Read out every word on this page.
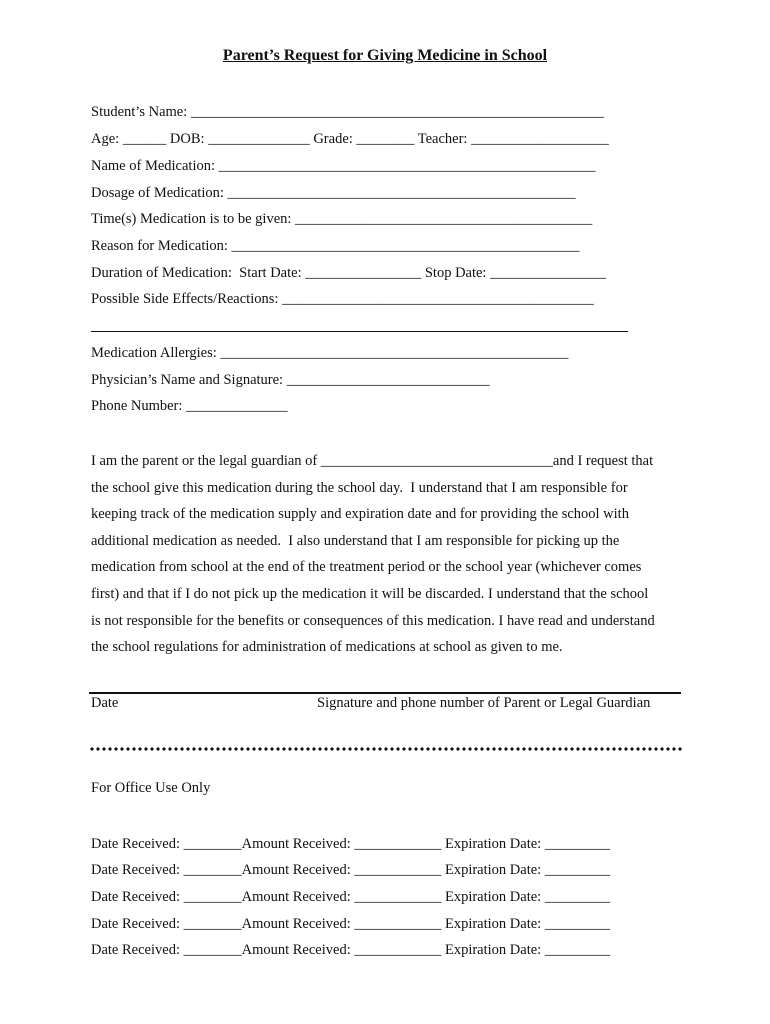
Parent’s Request for Giving Medicine in School
Student’s Name: _________________________________________________________
Age: ______ DOB: ______________ Grade: ________ Teacher: ___________________
Name of Medication: ____________________________________________________
Dosage of Medication: ________________________________________________
Time(s) Medication is to be given: _________________________________________
Reason for Medication: ________________________________________________
Duration of Medication:  Start Date: ________________ Stop Date: ________________
Possible Side Effects/Reactions: ___________________________________________
Medication Allergies: ________________________________________________
Physician’s Name and Signature: ____________________________
Phone Number: ______________

I am the parent or the legal guardian of ________________________________and I request that

the school give this medication during the school day.  I understand that I am responsible for

keeping track of the medication supply and expiration date and for providing the school with

additional medication as needed.  I also understand that I am responsible for picking up the

medication from school at the end of the treatment period or the school year (whichever comes

first) and that if I do not pick up the medication it will be discarded. I understand that the school

is not responsible for the benefits or consequences of this medication. I have read and understand

the school regulations for administration of medications at school as given to me.

Date	Signature and phone number of Parent or Legal Guardian
For Office Use Only
Date Received: ________Amount Received: ____________ Expiration Date: _________
Date Received: ________Amount Received: ____________ Expiration Date: _________
Date Received: ________Amount Received: ____________ Expiration Date: _________
Date Received: ________Amount Received: ____________ Expiration Date: _________
Date Received: ________Amount Received: ____________ Expiration Date: _________
